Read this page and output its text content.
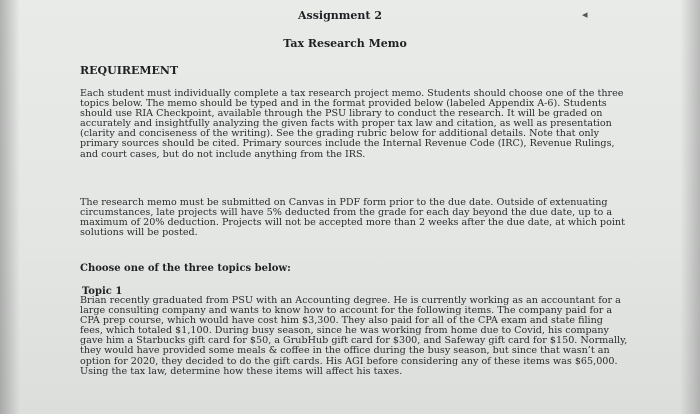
◂
Assignment 2
Tax Research Memo
REQUIREMENT

Each student must individually complete a tax research project memo. Students should choose one of the three

topics below. The memo should be typed and in the format provided below (labeled Appendix A-6). Students

should use RIA Checkpoint, available through the PSU library to conduct the research. It will be graded on

accurately and insightfully analyzing the given facts with proper tax law and citation, as well as presentation

(clarity and conciseness of the writing). See the grading rubric below for additional details. Note that only

primary sources should be cited. Primary sources include the Internal Revenue Code (IRC), Revenue Rulings,

and court cases, but do not include anything from the IRS.

The research memo must be submitted on Canvas in PDF form prior to the due date. Outside of extenuating

circumstances, late projects will have 5% deducted from the grade for each day beyond the due date, up to a

maximum of 20% deduction. Projects will not be accepted more than 2 weeks after the due date, at which point

solutions will be posted.

Choose one of the three topics below:
Topic 1

Brian recently graduated from PSU with an Accounting degree. He is currently working as an accountant for a

large consulting company and wants to know how to account for the following items. The company paid for a

CPA prep course, which would have cost him $3,300. They also paid for all of the CPA exam and state filing

fees, which totaled $1,100. During busy season, since he was working from home due to Covid, his company

gave him a Starbucks gift card for $50, a GrubHub gift card for $300, and Safeway gift card for $150. Normally,

they would have provided some meals & coffee in the office during the busy season, but since that wasn’t an

option for 2020, they decided to do the gift cards. His AGI before considering any of these items was $65,000.

Using the tax law, determine how these items will affect his taxes.
